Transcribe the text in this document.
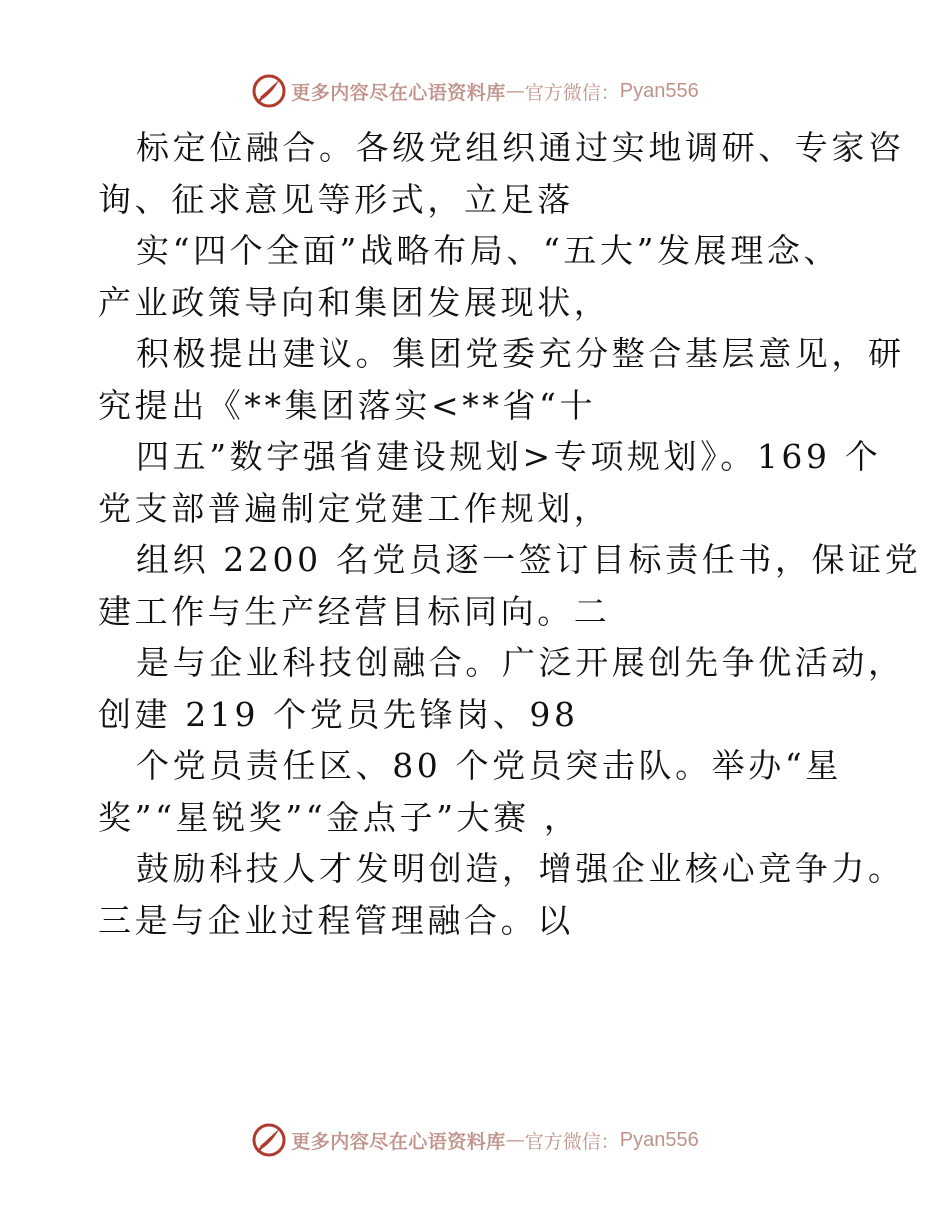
更多内容尽在心语资料库 — 官方微信： Pyan556
标定位融合。各级党组织通过实地调研、专家咨
询、征求意见等形式，立足落
实“四个全面”战略布局、“五大”发展理念、
产业政策导向和集团发展现状，
积极提出建议。集团党委充分整合基层意见，研
究提出《**集团落实<**省“十
四五”数字强省建设规划>专项规划》。169 个
党支部普遍制定党建工作规划，
组织 2200 名党员逐一签订目标责任书，保证党
建工作与生产经营目标同向。二
是与企业科技创融合。广泛开展创先争优活动，
创建 219 个党员先锋岗、98
个党员责任区、80 个党员突击队。举办“星
奖”“星锐奖”“金点子”大赛 ，
鼓励科技人才发明创造，增强企业核心竞争力。
三是与企业过程管理融合。以
更多内容尽在心语资料库 — 官方微信： Pyan556
